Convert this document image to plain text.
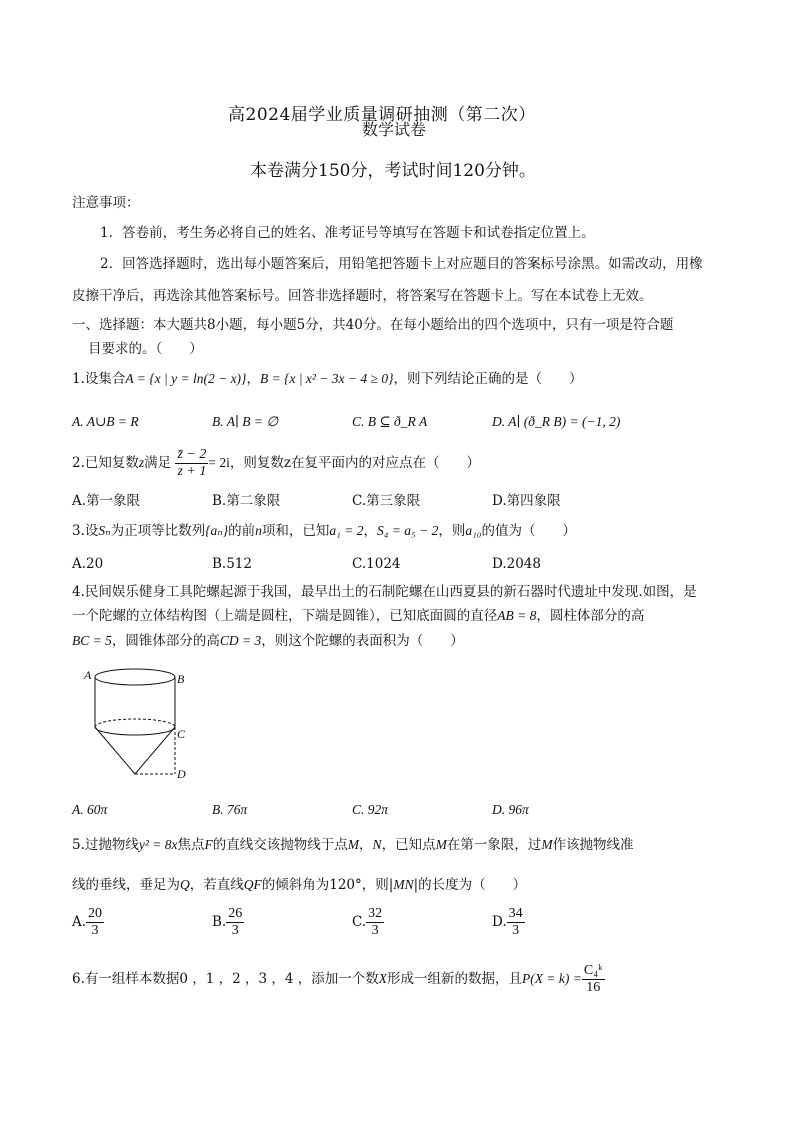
高2024届学业质量调研抽测（第二次）
数学试卷
本卷满分150分，考试时间120分钟。
注意事项：
1．答卷前，考生务必将自己的姓名、准考证号等填写在答题卡和试卷指定位置上。
2．回答选择题时，选出每小题答案后，用铅笔把答题卡上对应题目的答案标号涂黑。如需改动，用橡
皮擦干净后，再选涂其他答案标号。回答非选择题时，将答案写在答题卡上。写在本试卷上无效。
一、选择题：本大题共8小题，每小题5分，共40分。在每小题给出的四个选项中，只有一项是符合题
目要求的。（　　）
1.设集合A = {x | y = ln(2 − x)}，B = {x | x² − 3x − 4 ≥ 0}，则下列结论正确的是（　　）
A. A∪B = R	B. A∣ B = ∅	C. B ⊆ ð_R A	D. A∣ (ð_R B) = (−1, 2)
2.已知复数z满足 $\frac{z̄ - 2}{z + 1} = 2i$，则复数z在复平面内的对应点在（　　）
A.第一象限	B.第二象限	C.第三象限	D.第四象限
3.设Sₙ为正项等比数列{aₙ}的前n项和，已知a₁ = 2，S₄ = a₅ − 2，则a₁₀的值为（　　）
A.20	B.512	C.1024	D.2048
4.民间娱乐健身工具陀螺起源于我国，最早出土的石制陀螺在山西夏县的新石器时代遗址中发现.如图，是
一个陀螺的立体结构图（上端是圆柱，下端是圆锥），已知底面圆的直径AB = 8，圆柱体部分的高
BC = 5，圆锥体部分的高CD = 3，则这个陀螺的表面积为（　　）
A	B
C
D
A. 60π	B. 76π	C. 92π	D. 96π
5.过抛物线y² = 8x焦点F的直线交该抛物线于点M，N，已知点M在第一象限，过M作该抛物线准
线的垂线，垂足为Q，若直线QF的倾斜角为120°，则|MN|的长度为（　　）
A. $\frac{20}{3}$	B. $\frac{26}{3}$	C. $\frac{32}{3}$	D. $\frac{34}{3}$
6.有一组样本数据0 ，1 ，2 ，3 ，4 ，添加一个数X形成一组新的数据，且$P(X = k) = \frac{\text{C₄ᵏ}}{16}$
